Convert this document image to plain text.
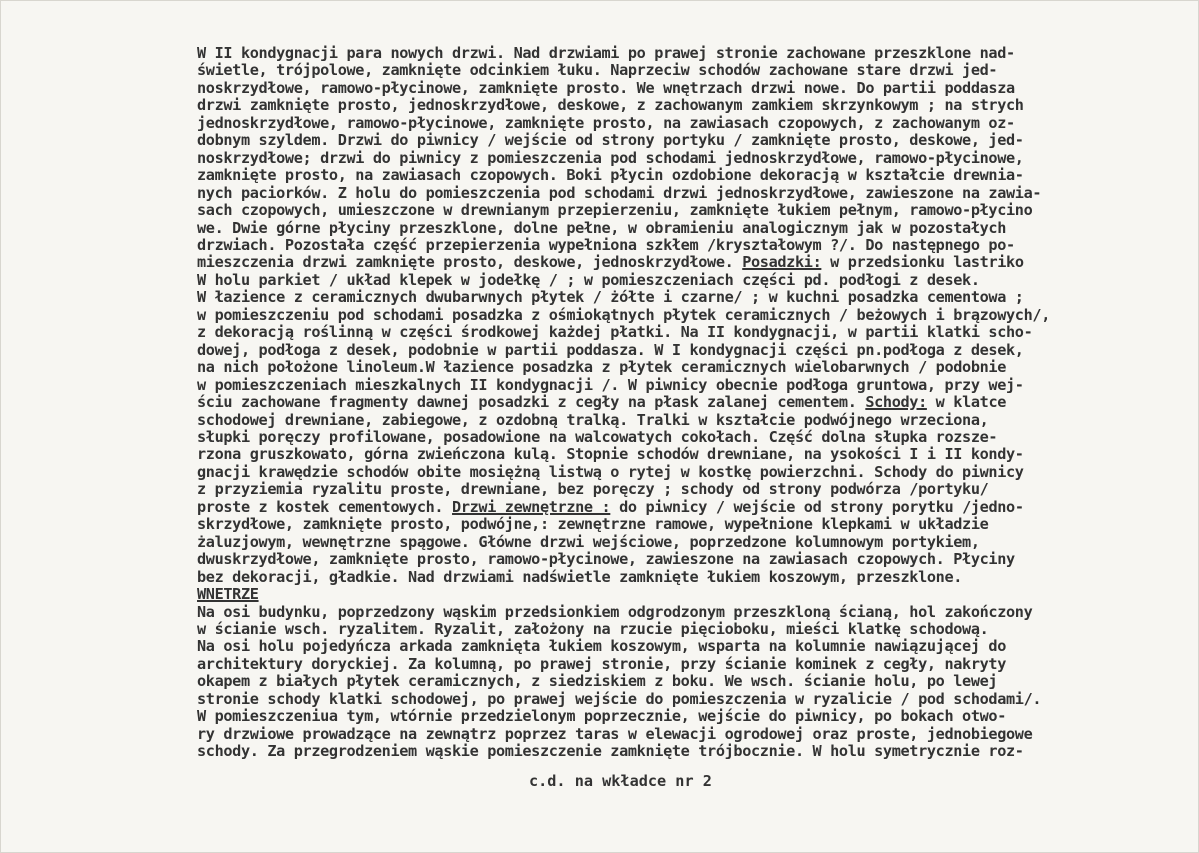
W II kondygnacji para nowych drzwi. Nad drzwiami po prawej stronie zachowane przeszklone nad-
świetle, trójpolowe, zamknięte odcinkiem łuku. Naprzeciw schodów zachowane stare drzwi jed-
noskrzydłowe, ramowo-płycinowe, zamknięte prosto. We wnętrzach drzwi nowe. Do partii poddasza
drzwi zamknięte prosto, jednoskrzydłowe, deskowe, z zachowanym zamkiem skrzynkowym ; na strych
jednoskrzydłowe, ramowo-płycinowe, zamknięte prosto, na zawiasach czopowych, z zachowanym oz-
dobnym szyldem. Drzwi do piwnicy / wejście od strony portyku / zamknięte prosto, deskowe, jed-
noskrzydłowe; drzwi do piwnicy z pomieszczenia pod schodami jednoskrzydłowe, ramowo-płycinowe,
zamknięte prosto, na zawiasach czopowych. Boki płycin ozdobione dekoracją w kształcie drewnia-
nych paciorków. Z holu do pomieszczenia pod schodami drzwi jednoskrzydłowe, zawieszone na zawia-
sach czopowych, umieszczone w drewnianym przepierzeniu, zamknięte łukiem pełnym, ramowo-płycino
we. Dwie górne płyciny przeszklone, dolne pełne, w obramieniu analogicznym jak w pozostałych
drzwiach. Pozostała część przepierzenia wypełniona szkłem /kryształowym ?/. Do następnego po-
mieszczenia drzwi zamknięte prosto, deskowe, jednoskrzydłowe. Posadzki: w przedsionku lastriko
W holu parkiet / układ klepek w jodełkę / ; w pomieszczeniach części pd. podłogi z desek.
W łazience z ceramicznych dwubarwnych płytek / żółte i czarne/ ; w kuchni posadzka cementowa ;
w pomieszczeniu pod schodami posadzka z ośmiokątnych płytek ceramicznych / beżowych i brązowych/,
z dekoracją roślinną w części środkowej każdej płatki. Na II kondygnacji, w partii klatki scho-
dowej, podłoga z desek, podobnie w partii poddasza. W I kondygnacji części pn.podłoga z desek,
na nich położone linoleum.W łazience posadzka z płytek ceramicznych wielobarwnych / podobnie
w pomieszczeniach mieszkalnych II kondygnacji /. W piwnicy obecnie podłoga gruntowa, przy wej-
ściu zachowane fragmenty dawnej posadzki z cegły na płask zalanej cementem. Schody: w klatce
schodowej drewniane, zabiegowe, z ozdobną tralką. Tralki w kształcie podwójnego wrzeciona,
słupki poręczy profilowane, posadowione na walcowatych cokołach. Część dolna słupka rozsze-
rzona gruszkowato, górna zwieńczona kulą. Stopnie schodów drewniane, na ysokości I i II kondy-
gnacji krawędzie schodów obite mosiężną listwą o rytej w kostkę powierzchni. Schody do piwnicy
z przyziemia ryzalitu proste, drewniane, bez poręczy ; schody od strony podwórza /portyku/
proste z kostek cementowych. Drzwi zewnętrzne : do piwnicy / wejście od strony porytku /jedno-
skrzydłowe, zamknięte prosto, podwójne,: zewnętrzne ramowe, wypełnione klepkami w układzie
żaluzjowym, wewnętrzne spągowe. Główne drzwi wejściowe, poprzedzone kolumnowym portykiem,
dwuskrzydłowe, zamknięte prosto, ramowo-płycinowe, zawieszone na zawiasach czopowych. Płyciny
bez dekoracji, gładkie. Nad drzwiami nadświetle zamknięte łukiem koszowym, przeszklone.
WNETRZE
Na osi budynku, poprzedzony wąskim przedsionkiem odgrodzonym przeszkloną ścianą, hol zakończony
w ścianie wsch. ryzalitem. Ryzalit, założony na rzucie pięcioboku, mieści klatkę schodową.
Na osi holu pojedyńcza arkada zamknięta łukiem koszowym, wsparta na kolumnie nawiązującej do
architektury doryckiej. Za kolumną, po prawej stronie, przy ścianie kominek z cegły, nakryty
okapem z białych płytek ceramicznych, z siedziskiem z boku. We wsch. ścianie holu, po lewej
stronie schody klatki schodowej, po prawej wejście do pomieszczenia w ryzalicie / pod schodami/.
W pomieszczeniua tym, wtórnie przedzielonym poprzecznie, wejście do piwnicy, po bokach otwo-
ry drzwiowe prowadzące na zewnątrz poprzez taras w elewacji ogrodowej oraz proste, jednobiegowe
schody. Za przegrodzeniem wąskie pomieszczenie zamknięte trójbocznie. W holu symetrycznie roz-
c.d. na wkładce nr 2
